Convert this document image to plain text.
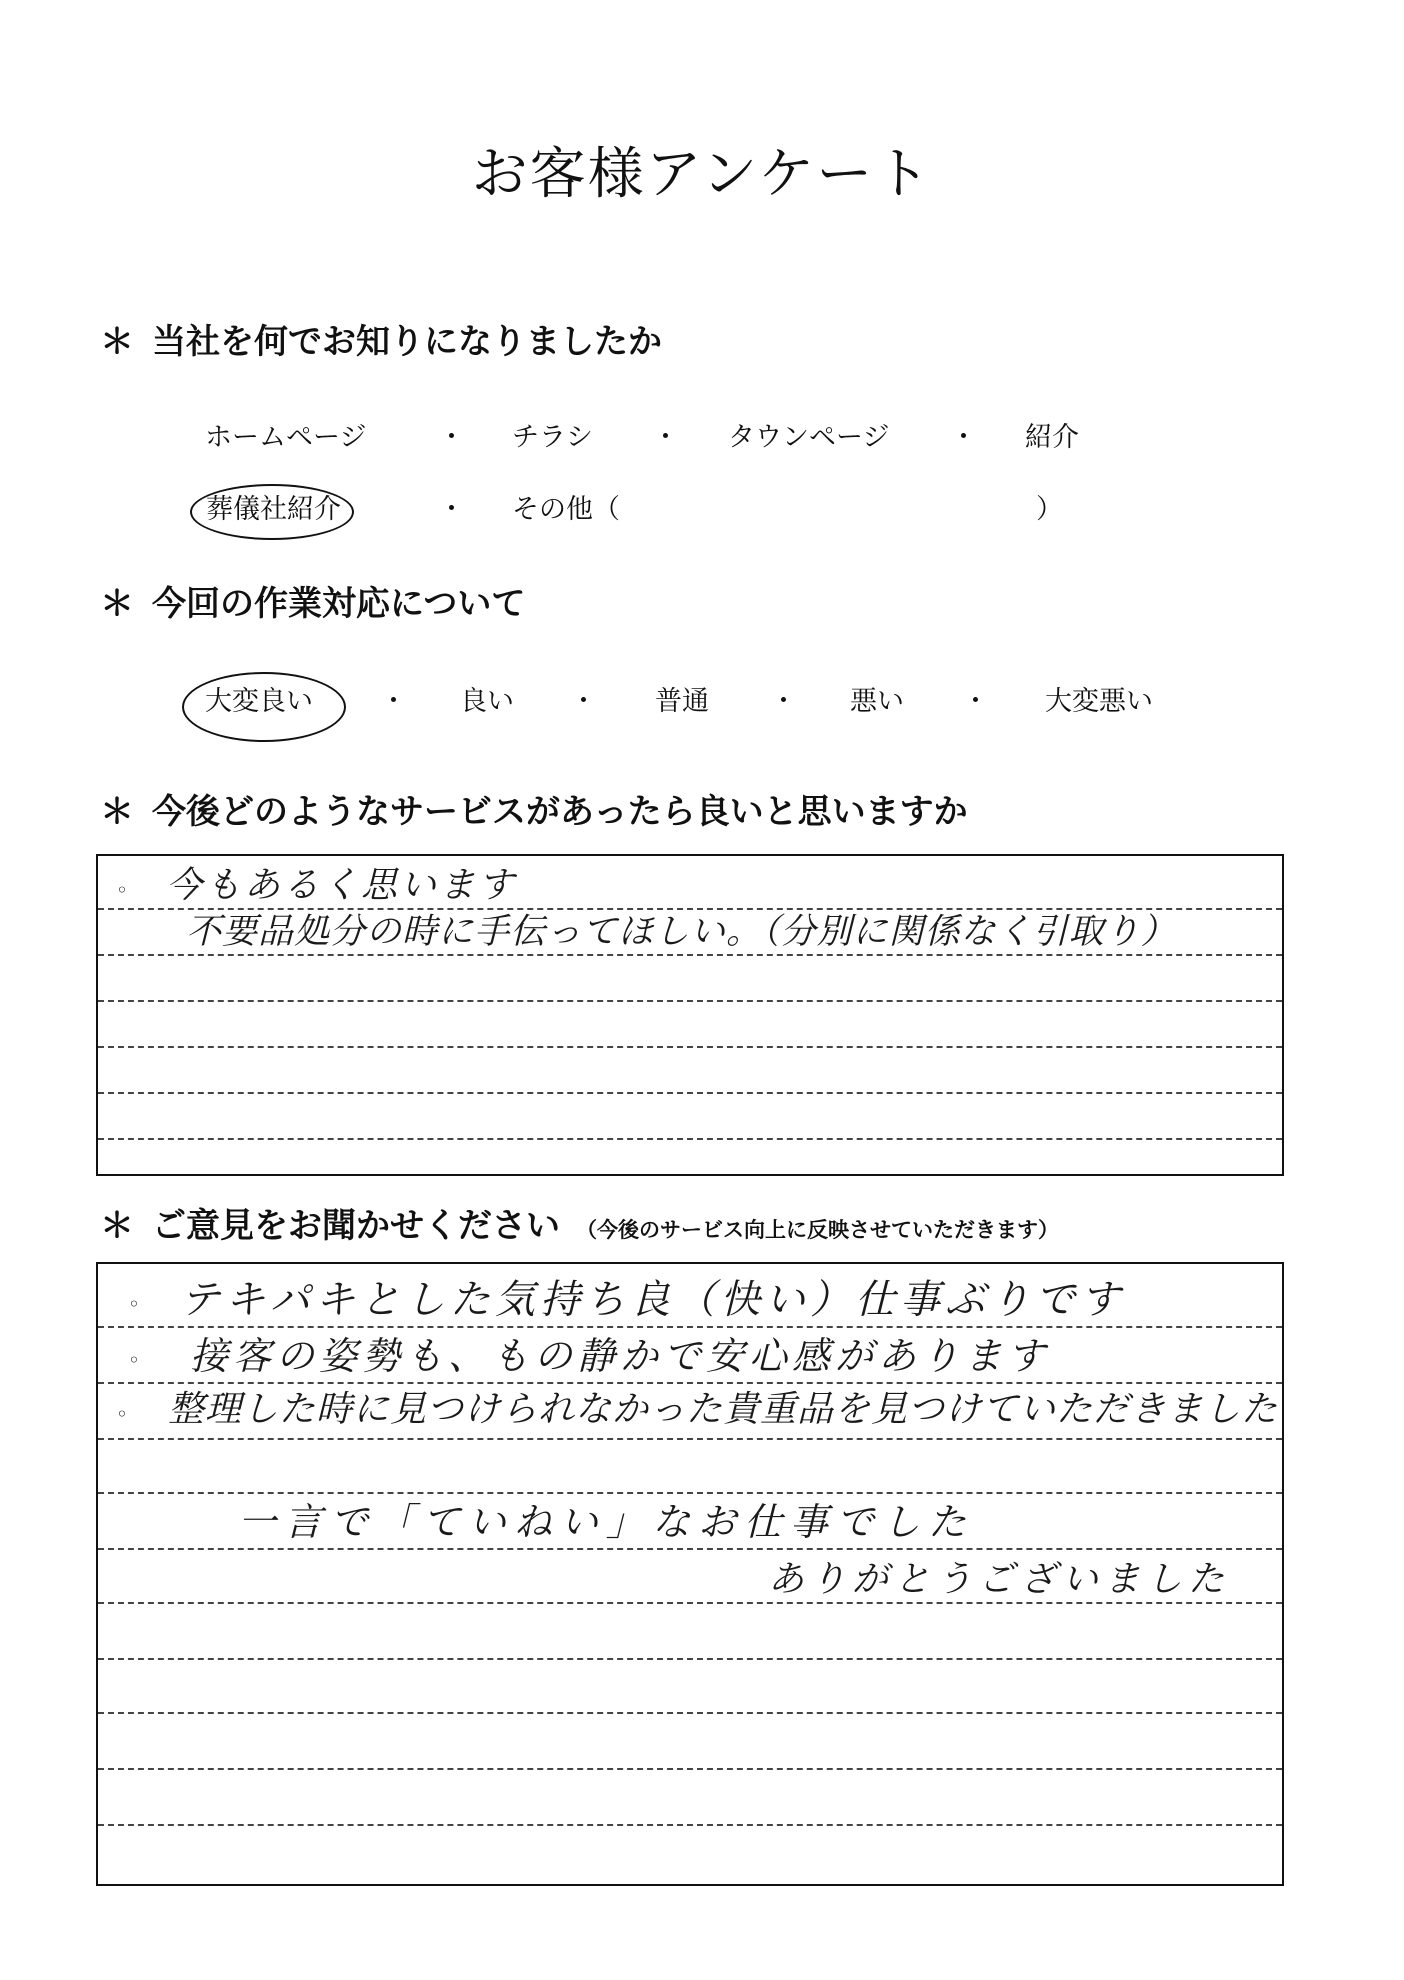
お客様アンケート
＊ 当社を何でお知りになりましたか
ホームページ	・ チラシ ・ タウンページ ・ 紹介
葬儀社紹介	・ その他（	）
＊ 今回の作業対応について
大変良い ・ 良い ・ 普通 ・ 悪い ・ 大変悪い
＊ 今後どのようなサービスがあったら良いと思いますか
◦ 今もあるく思います
不要品処分の時に手伝ってほしい。（分別に関係なく引取り）
＊ ご意見をお聞かせください （今後のサービス向上に反映させていただきます）
◦ テキパキとした気持ち良（快い）仕事ぶりです
◦ 接客の姿勢も、もの静かで安心感があります
◦ 整理した時に見つけられなかった貴重品を見つけていただきました
一言で「ていねい」なお仕事でした
ありがとうございました
